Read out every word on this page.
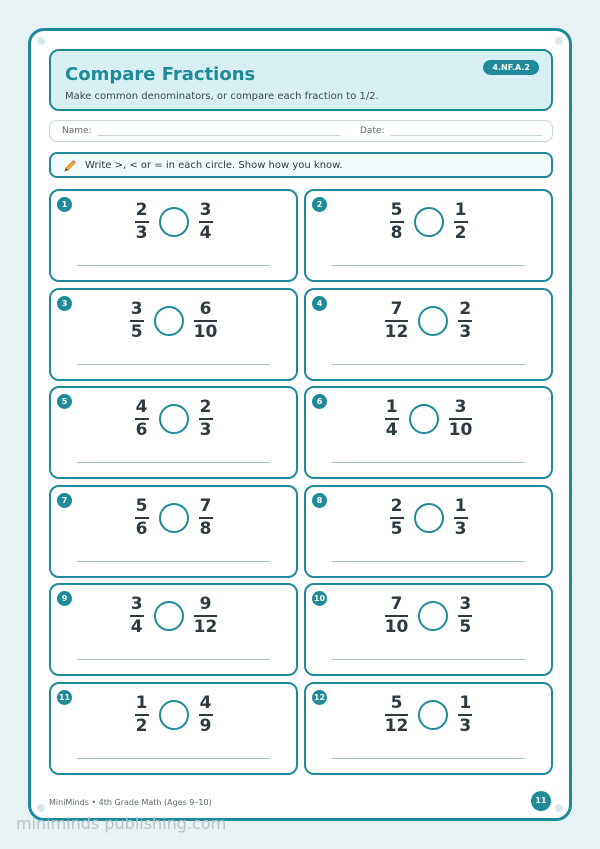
Compare Fractions
Make common denominators, or compare each fraction to 1/2.
4.NF.A.2
Name:	Date:
Write >, < or = in each circle. Show how you know.
1	$\frac{2}{3}$	$\frac{3}{4}$	2	$\frac{5}{8}$	$\frac{1}{2}$
3	$\frac{3}{5}$	$\frac{6}{10}$	4	$\frac{7}{12}$	$\frac{2}{3}$
5	$\frac{4}{6}$	$\frac{2}{3}$	6	$\frac{1}{4}$	$\frac{3}{10}$
7	$\frac{5}{6}$	$\frac{7}{8}$	8	$\frac{2}{5}$	$\frac{1}{3}$
9	$\frac{3}{4}$	$\frac{9}{12}$	10	$\frac{7}{10}$	$\frac{3}{5}$
11	$\frac{1}{2}$	$\frac{4}{9}$	12	$\frac{5}{12}$	$\frac{1}{3}$
MiniMinds • 4th Grade Math (Ages 9–10)	11
miniminds publishing.com
